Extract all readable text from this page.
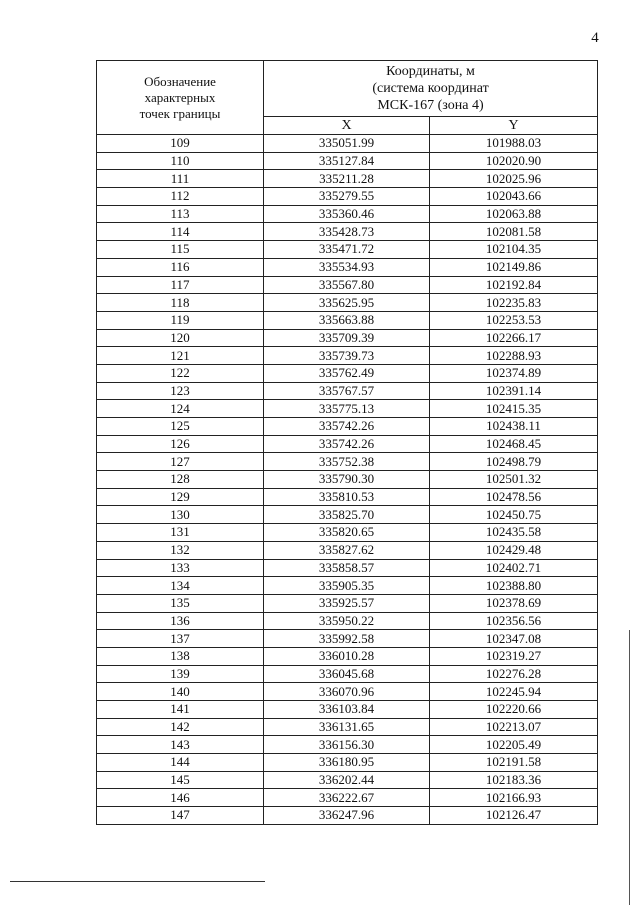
4
Обозначение
характерных
точек границы	Координаты, м
(система координат
МСК-167 (зона 4)	
	X	Y
109	335051.99	101988.03
110	335127.84	102020.90
111	335211.28	102025.96
112	335279.55	102043.66
113	335360.46	102063.88
114	335428.73	102081.58
115	335471.72	102104.35
116	335534.93	102149.86
117	335567.80	102192.84
118	335625.95	102235.83
119	335663.88	102253.53
120	335709.39	102266.17
121	335739.73	102288.93
122	335762.49	102374.89
123	335767.57	102391.14
124	335775.13	102415.35
125	335742.26	102438.11
126	335742.26	102468.45
127	335752.38	102498.79
128	335790.30	102501.32
129	335810.53	102478.56
130	335825.70	102450.75
131	335820.65	102435.58
132	335827.62	102429.48
133	335858.57	102402.71
134	335905.35	102388.80
135	335925.57	102378.69
136	335950.22	102356.56
137	335992.58	102347.08
138	336010.28	102319.27
139	336045.68	102276.28
140	336070.96	102245.94
141	336103.84	102220.66
142	336131.65	102213.07
143	336156.30	102205.49
144	336180.95	102191.58
145	336202.44	102183.36
146	336222.67	102166.93
147	336247.96	102126.47
